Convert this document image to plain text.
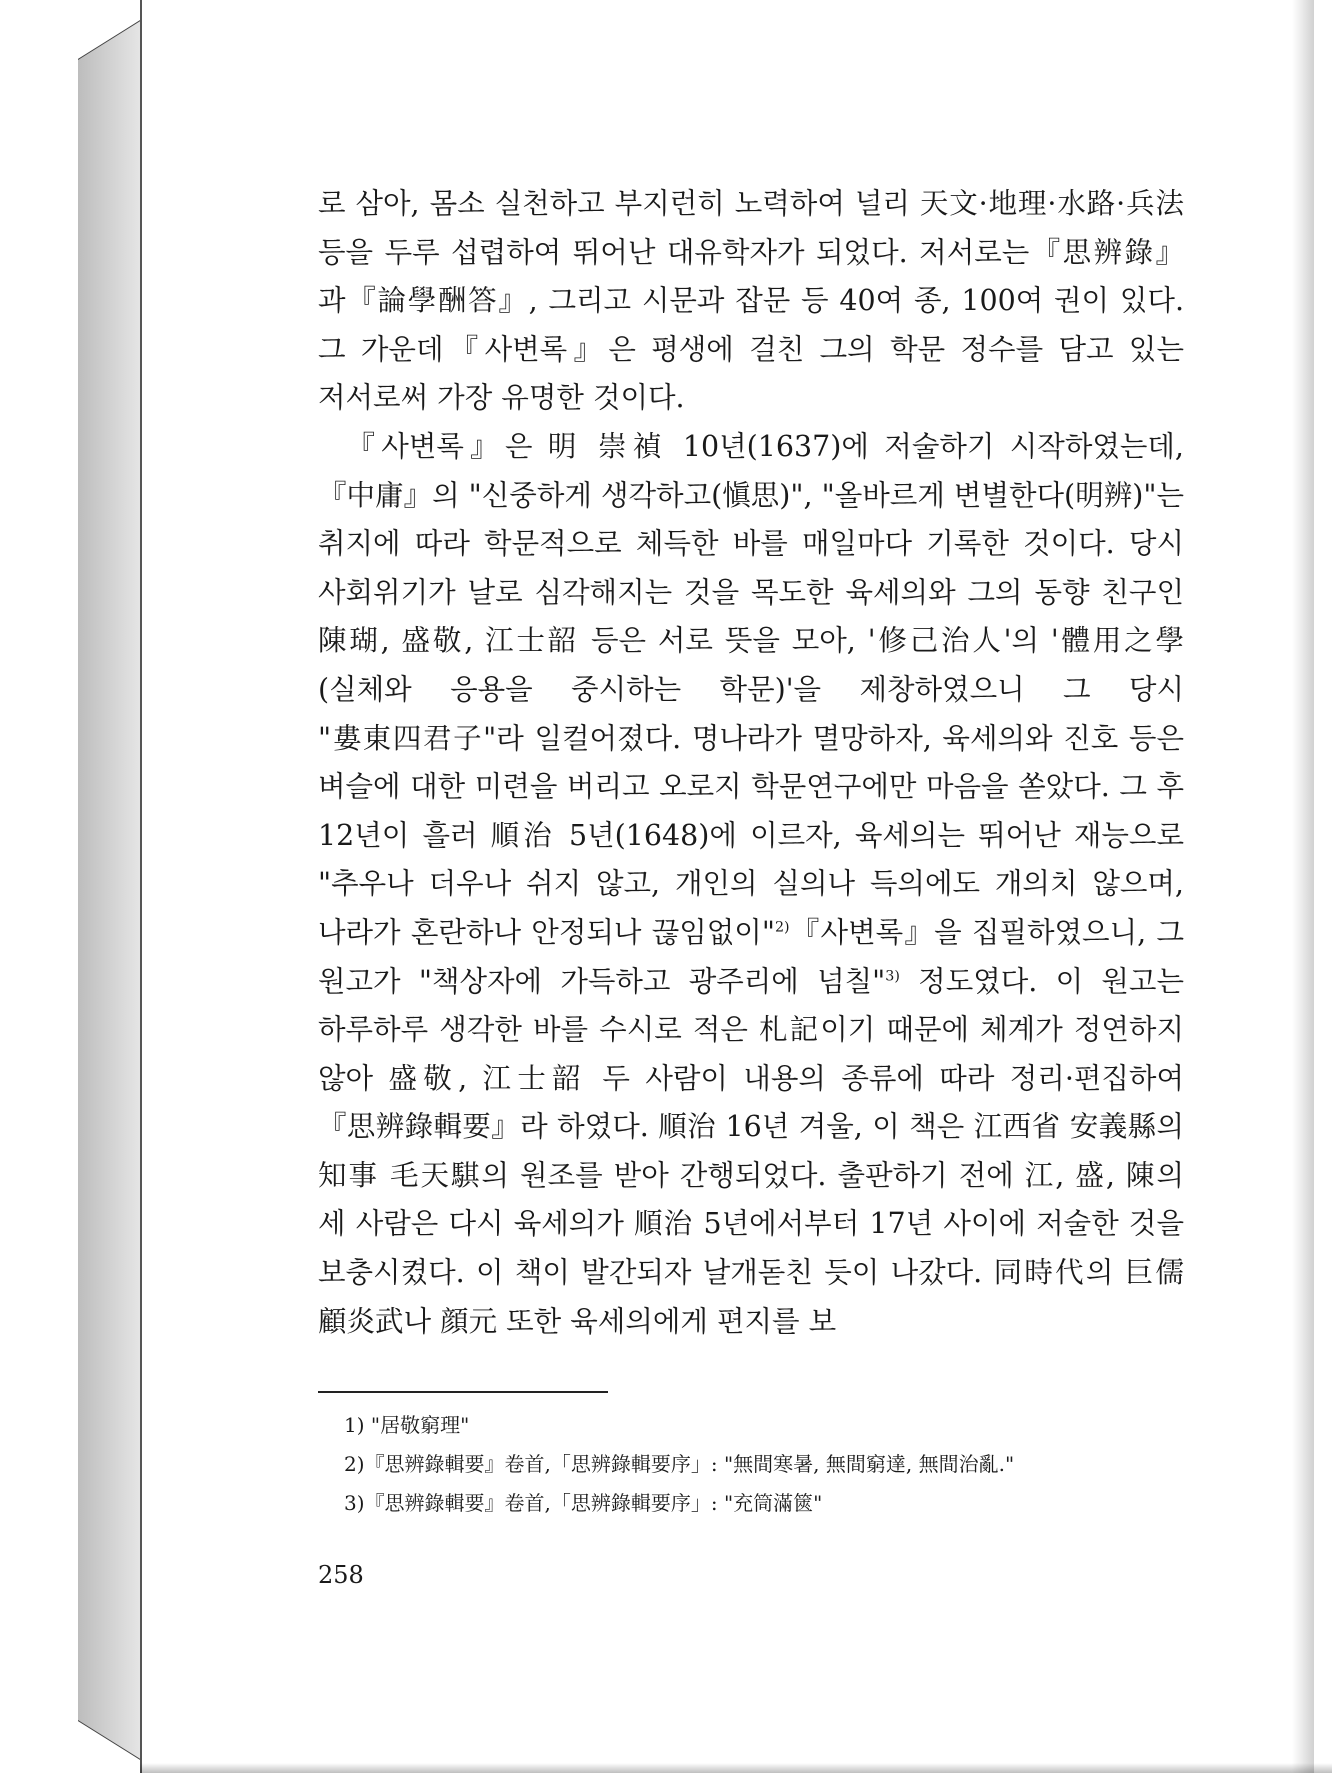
로 삼아, 몸소 실천하고 부지런히 노력하여 널리 天文·地理·水路·兵法 등을 두루 섭렵하여 뛰어난 대유학자가 되었다. 저서로는『思辨錄』과『論學酬答』, 그리고 시문과 잡문 등 40여 종, 100여 권이 있다. 그 가운데『사변록』은 평생에 걸친 그의 학문 정수를 담고 있는 저서로써 가장 유명한 것이다.

『사변록』은 明 崇禎 10년(1637)에 저술하기 시작하였는데,『中庸』의 "신중하게 생각하고(愼思)", "올바르게 변별한다(明辨)"는 취지에 따라 학문적으로 체득한 바를 매일마다 기록한 것이다. 당시 사회위기가 날로 심각해지는 것을 목도한 육세의와 그의 동향 친구인 陳瑚, 盛敬, 江士韶 등은 서로 뜻을 모아, '修己治人'의 '體用之學(실체와 응용을 중시하는 학문)'을 제창하였으니 그 당시 "婁東四君子"라 일컬어졌다. 명나라가 멸망하자, 육세의와 진호 등은 벼슬에 대한 미련을 버리고 오로지 학문연구에만 마음을 쏟았다. 그 후 12년이 흘러 順治 5년(1648)에 이르자, 육세의는 뛰어난 재능으로 "추우나 더우나 쉬지 않고, 개인의 실의나 득의에도 개의치 않으며, 나라가 혼란하나 안정되나 끊임없이"$^{2)}$『사변록』을 집필하였으니, 그 원고가 "책상자에 가득하고 광주리에 넘칠"$^{3)}$ 정도였다. 이 원고는 하루하루 생각한 바를 수시로 적은 札記이기 때문에 체계가 정연하지 않아 盛敬, 江士韶 두 사람이 내용의 종류에 따라 정리·편집하여『思辨錄輯要』라 하였다. 順治 16년 겨울, 이 책은 江西省 安義縣의 知事 毛天騏의 원조를 받아 간행되었다. 출판하기 전에 江, 盛, 陳의 세 사람은 다시 육세의가 順治 5년에서부터 17년 사이에 저술한 것을 보충시켰다. 이 책이 발간되자 날개돋친 듯이 나갔다. 同時代의 巨儒 顧炎武나 顔元 또한 육세의에게 편지를 보

1) "居敬窮理"
2)『思辨錄輯要』卷首,「思辨錄輯要序」: "無間寒暑, 無間窮達, 無間治亂."
3)『思辨錄輯要』卷首,「思辨錄輯要序」: "充筒滿篋"
258
